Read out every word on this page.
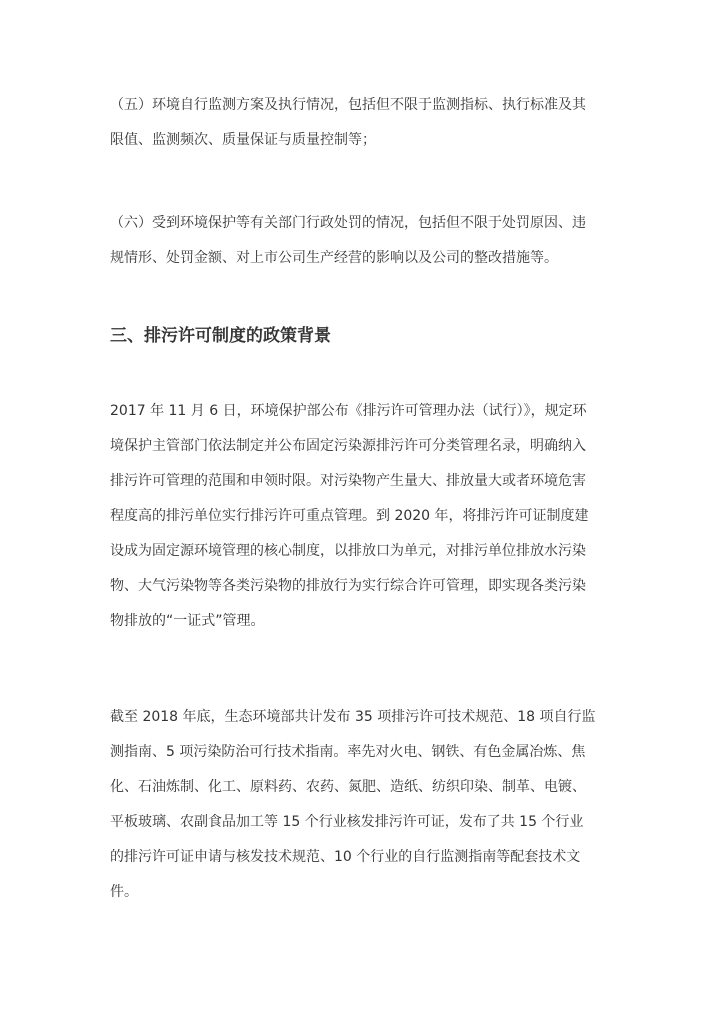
（五）环境自行监测方案及执行情况，包括但不限于监测指标、执行标准及其
限值、监测频次、质量保证与质量控制等；

（六）受到环境保护等有关部门行政处罚的情况，包括但不限于处罚原因、违
规情形、处罚金额、对上市公司生产经营的影响以及公司的整改措施等。

三、排污许可制度的政策背景

2017 年 11 月 6 日，环境保护部公布《排污许可管理办法（试行）》，规定环
境保护主管部门依法制定并公布固定污染源排污许可分类管理名录，明确纳入
排污许可管理的范围和申领时限。对污染物产生量大、排放量大或者环境危害
程度高的排污单位实行排污许可重点管理。到 2020 年，将排污许可证制度建
设成为固定源环境管理的核心制度，以排放口为单元，对排污单位排放水污染
物、大气污染物等各类污染物的排放行为实行综合许可管理，即实现各类污染
物排放的“一证式”管理。

截至 2018 年底，生态环境部共计发布 35 项排污许可技术规范、18 项自行监
测指南、5 项污染防治可行技术指南。率先对火电、钢铁、有色金属冶炼、焦
化、石油炼制、化工、原料药、农药、氮肥、造纸、纺织印染、制革、电镀、
平板玻璃、农副食品加工等 15 个行业核发排污许可证，发布了共 15 个行业
的排污许可证申请与核发技术规范、10 个行业的自行监测指南等配套技术文
件。
